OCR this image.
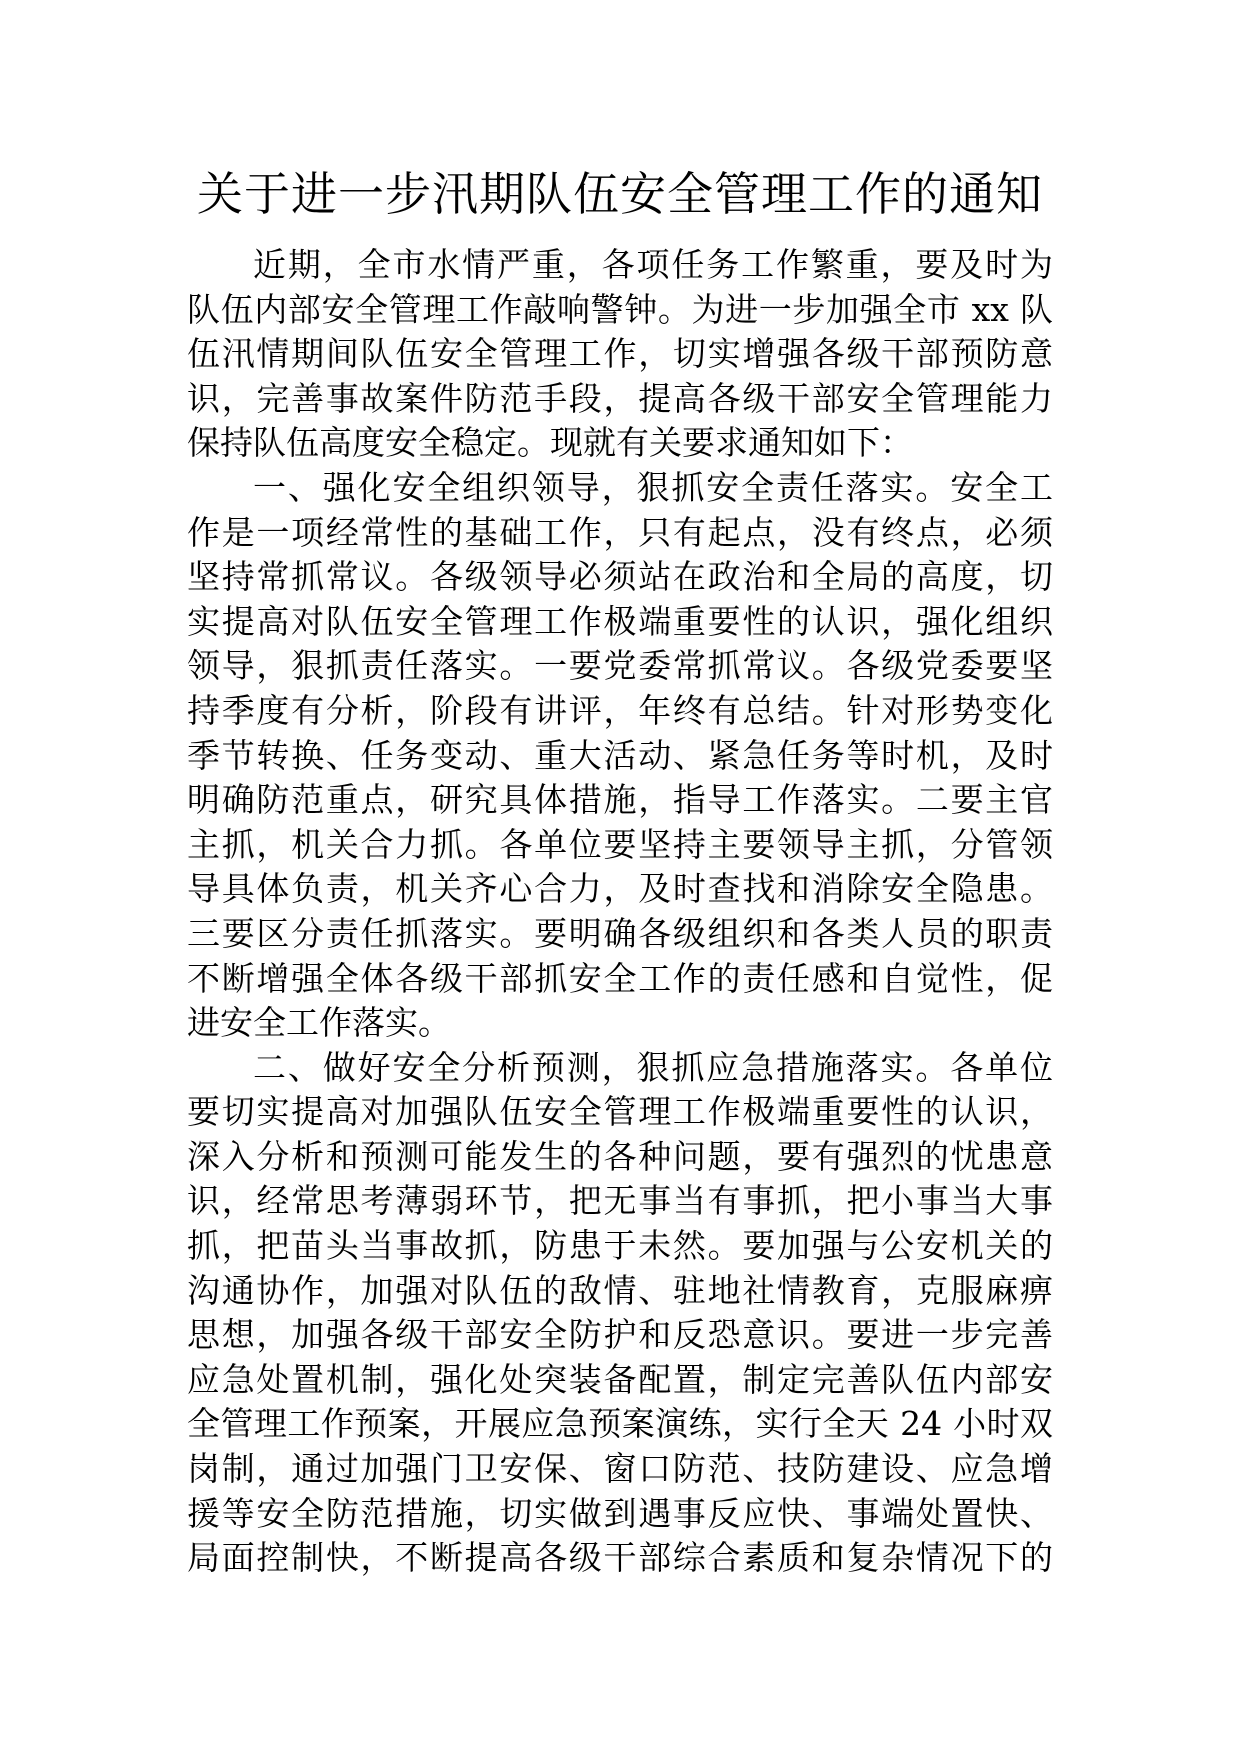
关于进一步汛期队伍安全管理工作的通知
近期，全市水情严重，各项任务工作繁重，要及时为
队伍内部安全管理工作敲响警钟。为进一步加强全市 xx 队
伍汛情期间队伍安全管理工作，切实增强各级干部预防意
识，完善事故案件防范手段，提高各级干部安全管理能力
保持队伍高度安全稳定。现就有关要求通知如下：
一、强化安全组织领导，狠抓安全责任落实。安全工
作是一项经常性的基础工作，只有起点，没有终点，必须
坚持常抓常议。各级领导必须站在政治和全局的高度，切
实提高对队伍安全管理工作极端重要性的认识，强化组织
领导，狠抓责任落实。一要党委常抓常议。各级党委要坚
持季度有分析，阶段有讲评，年终有总结。针对形势变化
季节转换、任务变动、重大活动、紧急任务等时机，及时
明确防范重点，研究具体措施，指导工作落实。二要主官
主抓，机关合力抓。各单位要坚持主要领导主抓，分管领
导具体负责，机关齐心合力，及时查找和消除安全隐患。
三要区分责任抓落实。要明确各级组织和各类人员的职责
不断增强全体各级干部抓安全工作的责任感和自觉性，促
进安全工作落实。
二、做好安全分析预测，狠抓应急措施落实。各单位
要切实提高对加强队伍安全管理工作极端重要性的认识，
深入分析和预测可能发生的各种问题，要有强烈的忧患意
识，经常思考薄弱环节，把无事当有事抓，把小事当大事
抓，把苗头当事故抓，防患于未然。要加强与公安机关的
沟通协作，加强对队伍的敌情、驻地社情教育，克服麻痹
思想，加强各级干部安全防护和反恐意识。要进一步完善
应急处置机制，强化处突装备配置，制定完善队伍内部安
全管理工作预案，开展应急预案演练，实行全天 24 小时双
岗制，通过加强门卫安保、窗口防范、技防建设、应急增
援等安全防范措施，切实做到遇事反应快、事端处置快、
局面控制快，不断提高各级干部综合素质和复杂情况下的
